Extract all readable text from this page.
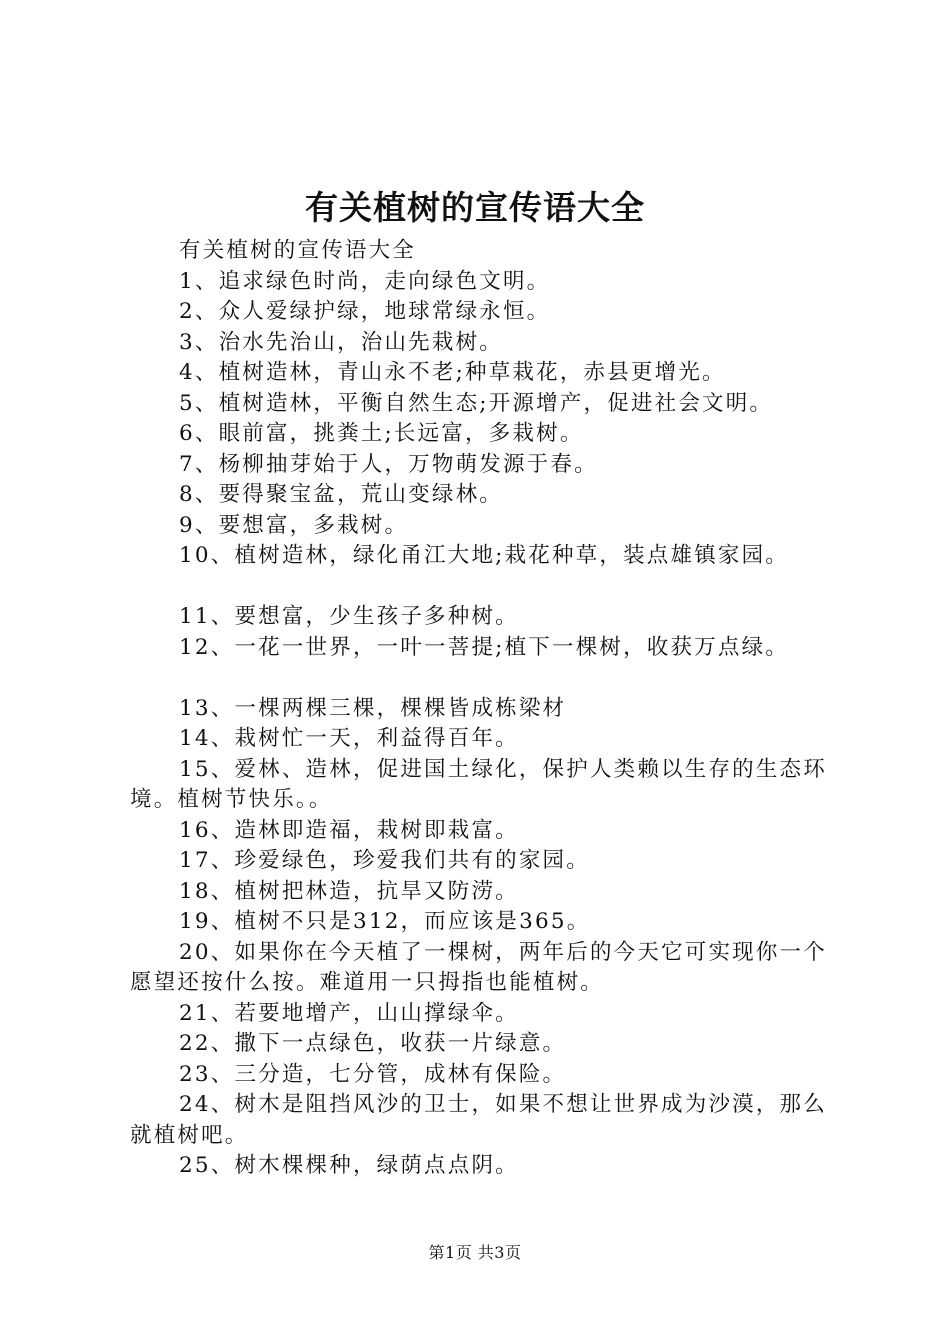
有关植树的宣传语大全

有关植树的宣传语大全

1、追求绿色时尚，走向绿色文明。

2、众人爱绿护绿，地球常绿永恒。

3、治水先治山，治山先栽树。

4、植树造林，青山永不老;种草栽花，赤县更增光。

5、植树造林，平衡自然生态;开源增产，促进社会文明。

6、眼前富，挑粪土;长远富，多栽树。

7、杨柳抽芽始于人，万物萌发源于春。

8、要得聚宝盆，荒山变绿林。

9、要想富，多栽树。

10、植树造林，绿化甬江大地;栽花种草，装点雄镇家园。

11、要想富，少生孩子多种树。

12、一花一世界，一叶一菩提;植下一棵树，收获万点绿。

13、一棵两棵三棵，棵棵皆成栋梁材

14、栽树忙一天，利益得百年。

15、爱林、造林，促进国土绿化，保护人类赖以生存的生态环境。植树节快乐。。

16、造林即造福，栽树即栽富。

17、珍爱绿色，珍爱我们共有的家园。

18、植树把林造，抗旱又防涝。

19、植树不只是312，而应该是365。

20、如果你在今天植了一棵树，两年后的今天它可实现你一个愿望还按什么按。难道用一只拇指也能植树。

21、若要地增产，山山撑绿伞。

22、撒下一点绿色，收获一片绿意。

23、三分造，七分管，成林有保险。

24、树木是阻挡风沙的卫士，如果不想让世界成为沙漠，那么就植树吧。

25、树木棵棵种，绿荫点点阴。

第1页 共3页
